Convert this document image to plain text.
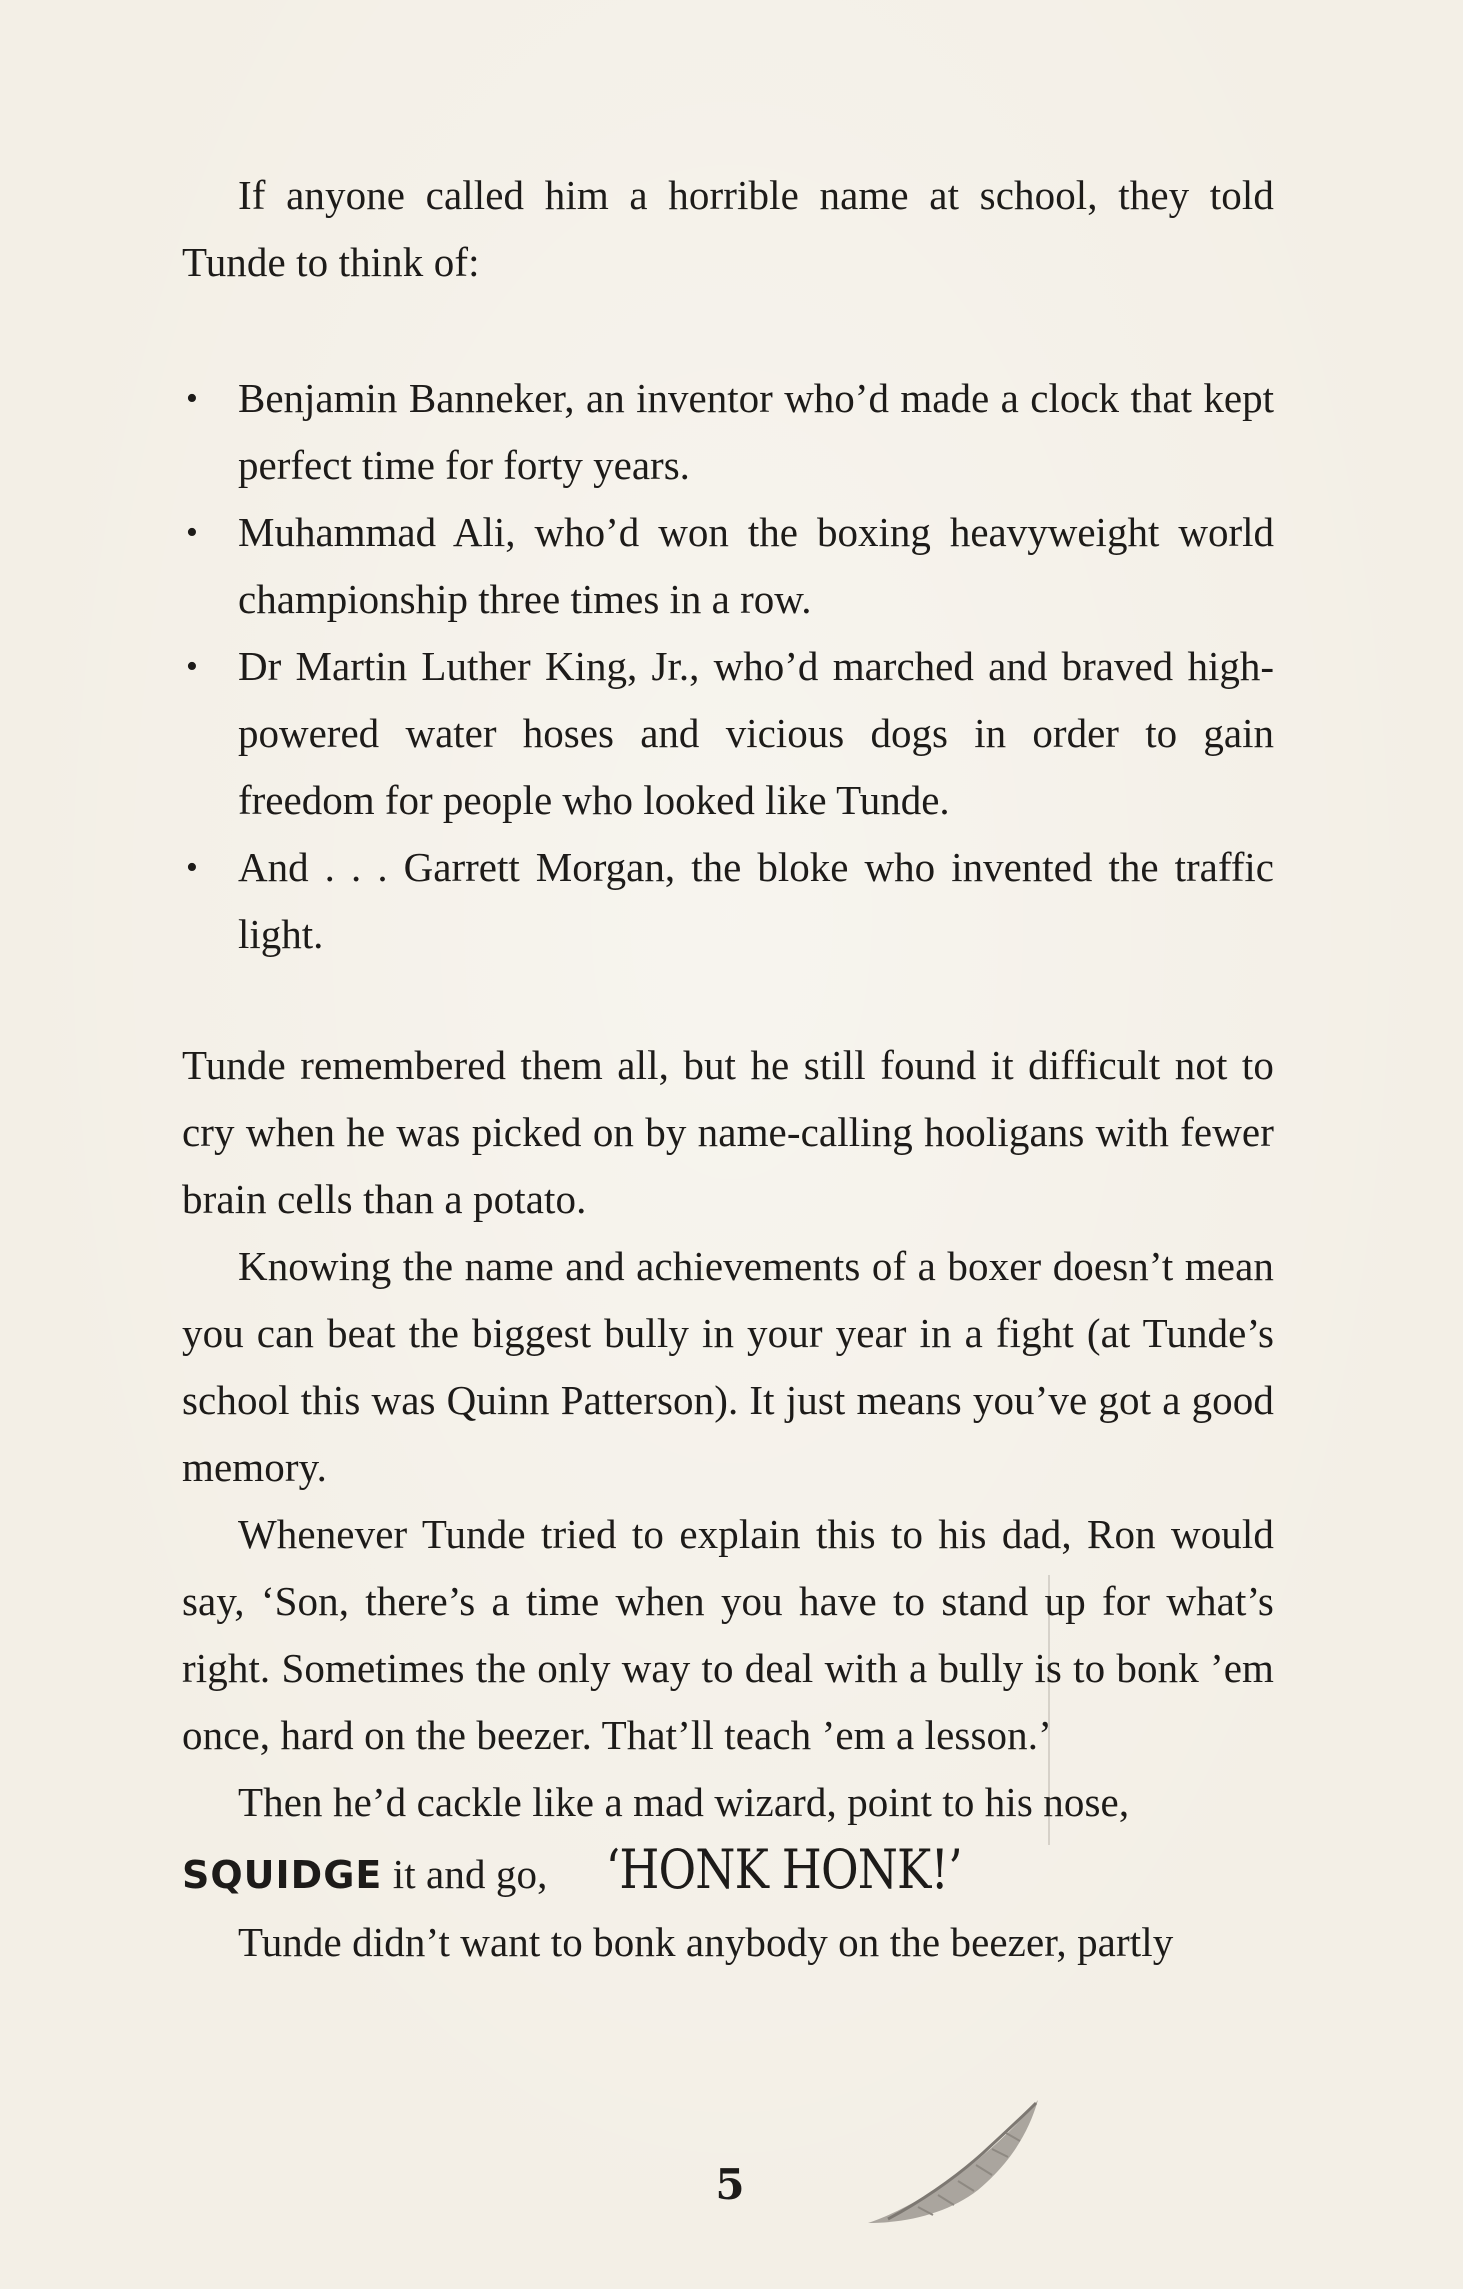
If anyone called him a horrible name at school, they told Tunde to think of:

• Benjamin Banneker, an inventor who’d made a clock that kept perfect time for forty years.
• Muhammad Ali, who’d won the boxing heavyweight world championship three times in a row.
• Dr Martin Luther King, Jr., who’d marched and braved high-powered water hoses and vicious dogs in order to gain freedom for people who looked like Tunde.
• And . . . Garrett Morgan, the bloke who invented the traffic light.

Tunde remembered them all, but he still found it difficult not to cry when he was picked on by name-calling hooligans with fewer brain cells than a potato.

Knowing the name and achievements of a boxer doesn’t mean you can beat the biggest bully in your year in a fight (at Tunde’s school this was Quinn Patterson). It just means you’ve got a good memory.

Whenever Tunde tried to explain this to his dad, Ron would say, ‘Son, there’s a time when you have to stand up for what’s right. Sometimes the only way to deal with a bully is to bonk ’em once, hard on the beezer. That’ll teach ’em a lesson.’

Then he’d cackle like a mad wizard, point to his nose,
SQUIDGE it and go, ‘HONK HONK!’

Tunde didn’t want to bonk anybody on the beezer, partly

5
